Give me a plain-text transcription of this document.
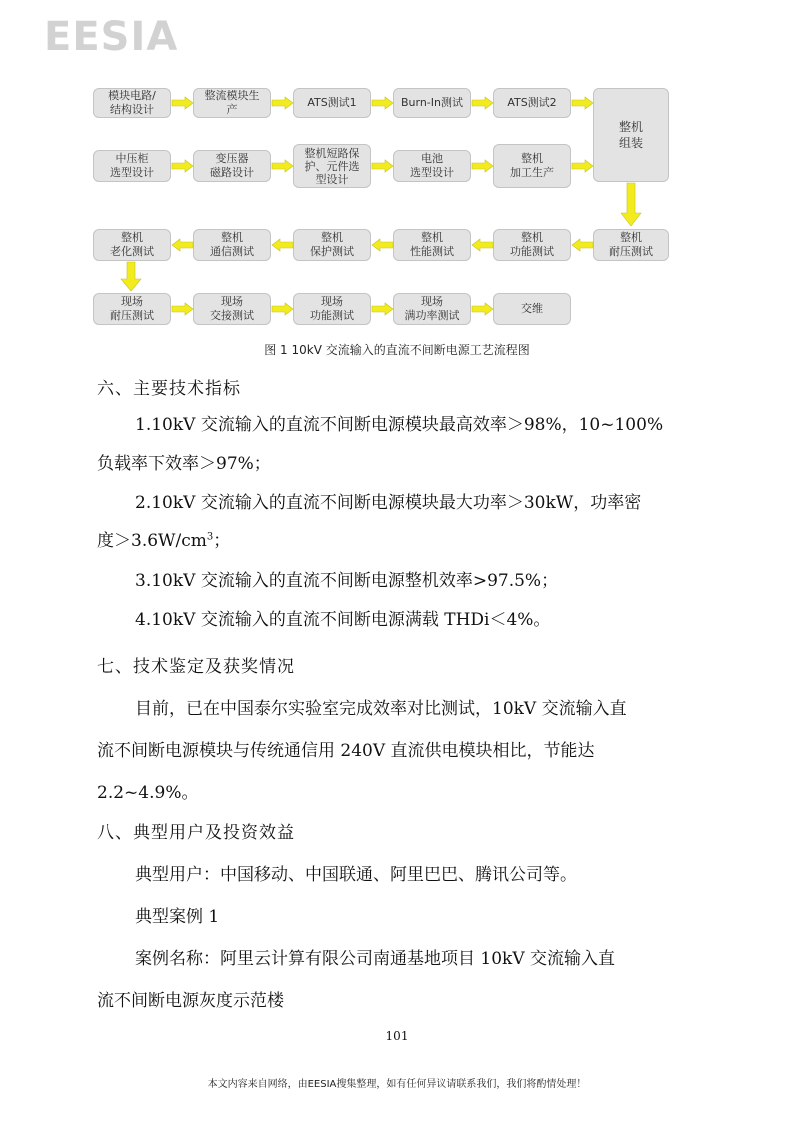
EESIA
模块电路/
结构设计
整流模块生
产
ATS测试1	Burn-In测试	ATS测试2
整机
组装
中压柜
选型设计
变压器
磁路设计
整机短路保
护、元件选
型设计
电池
选型设计
整机
加工生产
整机
老化测试
整机
通信测试
整机
保护测试
整机
性能测试
整机
功能测试
整机
耐压测试
现场
耐压测试
现场
交接测试
现场
功能测试
现场
满功率测试
交维
图 1 10kV 交流输入的直流不间断电源工艺流程图
六、主要技术指标
1.10kV 交流输入的直流不间断电源模块最高效率＞98%，10~100%
负载率下效率＞97%；
2.10kV 交流输入的直流不间断电源模块最大功率＞30kW，功率密
度$>3.6W/cm^3$；
3.10kV 交流输入的直流不间断电源整机效率>97.5%；
4.10kV 交流输入的直流不间断电源满载 THDi＜4%。
七、技术鉴定及获奖情况
目前，已在中国泰尔实验室完成效率对比测试，10kV 交流输入直
流不间断电源模块与传统通信用 240V 直流供电模块相比，节能达
2.2~4.9%。
八、典型用户及投资效益
典型用户：中国移动、中国联通、阿里巴巴、腾讯公司等。
典型案例 1
案例名称：阿里云计算有限公司南通基地项目 10kV 交流输入直
流不间断电源灰度示范楼
101
本文内容来自网络，由EESIA搜集整理，如有任何异议请联系我们，我们将酌情处理！
